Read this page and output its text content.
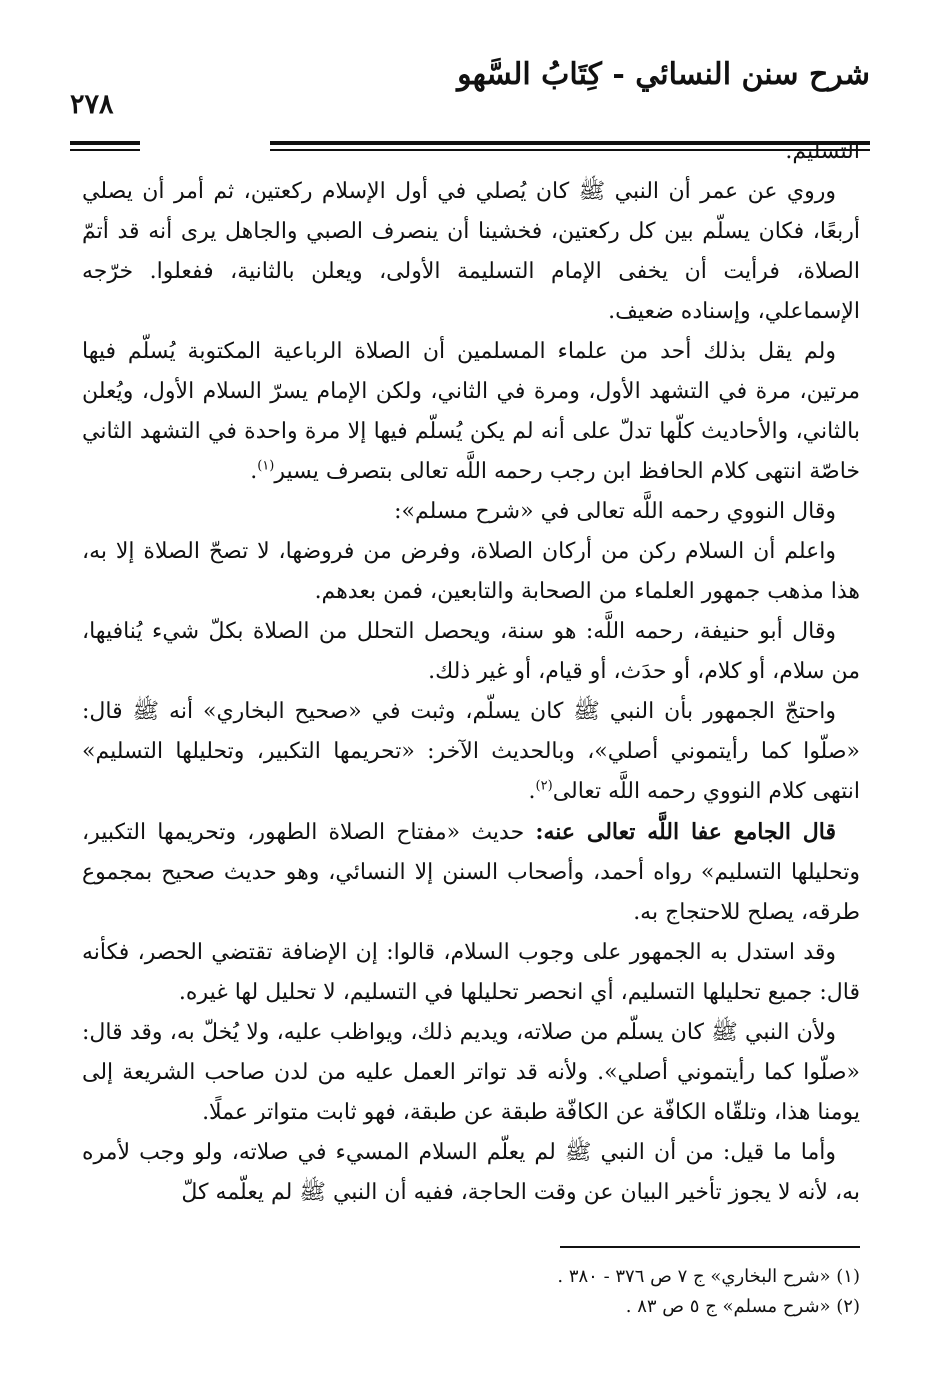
شرح سنن النسائي - كِتَابُ السَّهو
٢٧٨

التسليم.

وروي عن عمر أن النبي ﷺ كان يُصلي في أول الإسلام ركعتين، ثم أمر أن يصلي أربعًا، فكان يسلّم بين كل ركعتين، فخشينا أن ينصرف الصبي والجاهل يرى أنه قد أتمّ الصلاة، فرأيت أن يخفى الإمام التسليمة الأولى، ويعلن بالثانية، ففعلوا. خرّجه الإسماعلي، وإسناده ضعيف.

ولم يقل بذلك أحد من علماء المسلمين أن الصلاة الرباعية المكتوبة يُسلّم فيها مرتين، مرة في التشهد الأول، ومرة في الثاني، ولكن الإمام يسرّ السلام الأول، ويُعلن بالثاني، والأحاديث كلّها تدلّ على أنه لم يكن يُسلّم فيها إلا مرة واحدة في التشهد الثاني خاصّة انتهى كلام الحافظ ابن رجب رحمه اللَّه تعالى بتصرف يسير$^{(١)}$.

وقال النووي رحمه اللَّه تعالى في «شرح مسلم»:

واعلم أن السلام ركن من أركان الصلاة، وفرض من فروضها، لا تصحّ الصلاة إلا به، هذا مذهب جمهور العلماء من الصحابة والتابعين، فمن بعدهم.

وقال أبو حنيفة، رحمه اللَّه: هو سنة، ويحصل التحلل من الصلاة بكلّ شيء يُنافيها، من سلام، أو كلام، أو حدَث، أو قيام، أو غير ذلك.

واحتجّ الجمهور بأن النبي ﷺ كان يسلّم، وثبت في «صحيح البخاري» أنه ﷺ قال: «صلّوا كما رأيتموني أصلي»، وبالحديث الآخر: «تحريمها التكبير، وتحليلها التسليم» انتهى كلام النووي رحمه اللَّه تعالى$^{(٢)}$.

قال الجامع عفا اللَّه تعالى عنه: حديث «مفتاح الصلاة الطهور، وتحريمها التكبير، وتحليلها التسليم» رواه أحمد، وأصحاب السنن إلا النسائي، وهو حديث صحيح بمجموع طرقه، يصلح للاحتجاج به.

وقد استدل به الجمهور على وجوب السلام، قالوا: إن الإضافة تقتضي الحصر، فكأنه قال: جميع تحليلها التسليم، أي انحصر تحليلها في التسليم، لا تحليل لها غيره.

ولأن النبي ﷺ كان يسلّم من صلاته، ويديم ذلك، ويواظب عليه، ولا يُخلّ به، وقد قال: «صلّوا كما رأيتموني أصلي». ولأنه قد تواتر العمل عليه من لدن صاحب الشريعة إلى يومنا هذا، وتلقّاه الكافّة عن الكافّة طبقة عن طبقة، فهو ثابت متواتر عملًا.

وأما ما قيل: من أن النبي ﷺ لم يعلّم السلام المسيء في صلاته، ولو وجب لأمره به، لأنه لا يجوز تأخير البيان عن وقت الحاجة، ففيه أن النبي ﷺ لم يعلّمه كلّ

(١) «شرح البخاري» ج ٧ ص ٣٧٦ - ٣٨٠ .

(٢) «شرح مسلم» ج ٥ ص ٨٣ .
